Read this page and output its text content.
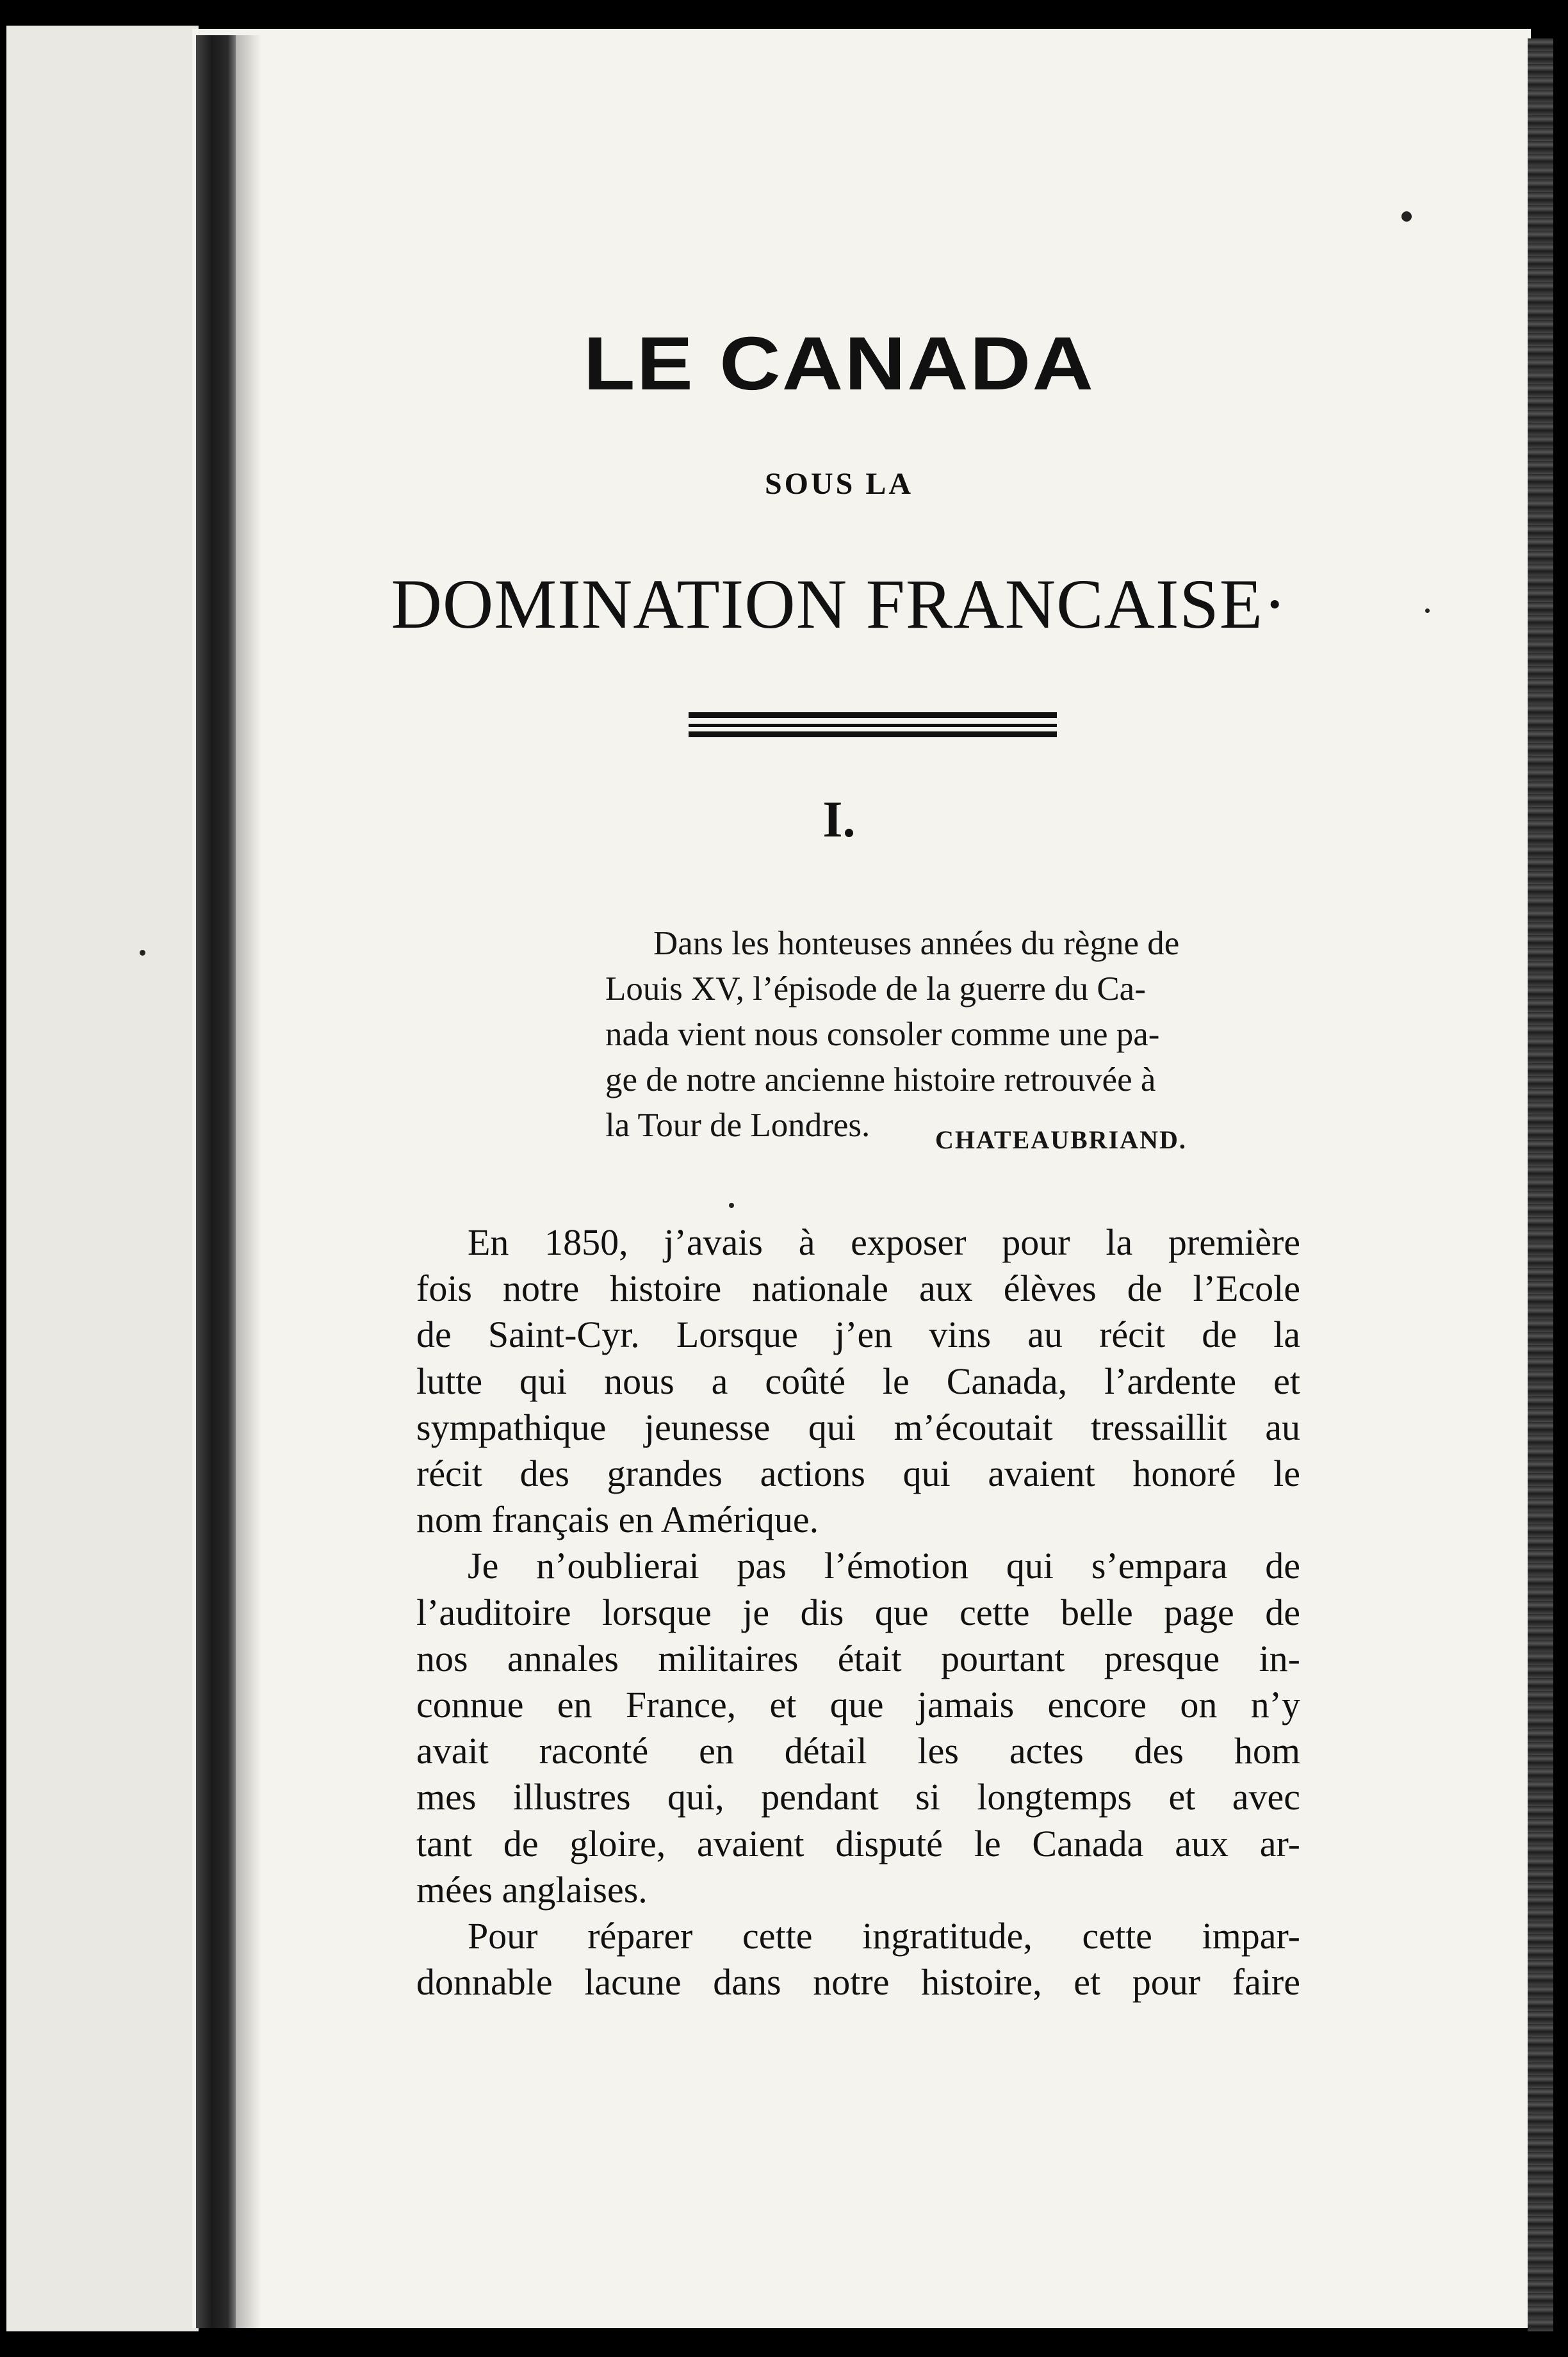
LE CANADA
SOUS LA
DOMINATION FRANCAISE·
I.
Dans les honteuses années du règne de
Louis XV, l’épisode de la guerre du Ca-
nada vient nous consoler comme une pa-
ge de notre ancienne histoire retrouvée à
la Tour de Londres.	CHATEAUBRIAND.
En 1850, j’avais à exposer pour la première
fois notre histoire nationale aux élèves de l’Ecole
de Saint-Cyr. Lorsque j’en vins au récit de la
lutte qui nous a coûté le Canada, l’ardente et
sympathique jeunesse qui m’écoutait tressaillit au
récit des grandes actions qui avaient honoré le
nom français en Amérique.
Je n’oublierai pas l’émotion qui s’empara de
l’auditoire lorsque je dis que cette belle page de
nos annales militaires était pourtant presque in-
connue en France, et que jamais encore on n’y
avait raconté en détail les actes des hom
mes illustres qui, pendant si longtemps et avec
tant de gloire, avaient disputé le Canada aux ar-
mées anglaises.
Pour réparer cette ingratitude, cette impar-
donnable lacune dans notre histoire, et pour faire
